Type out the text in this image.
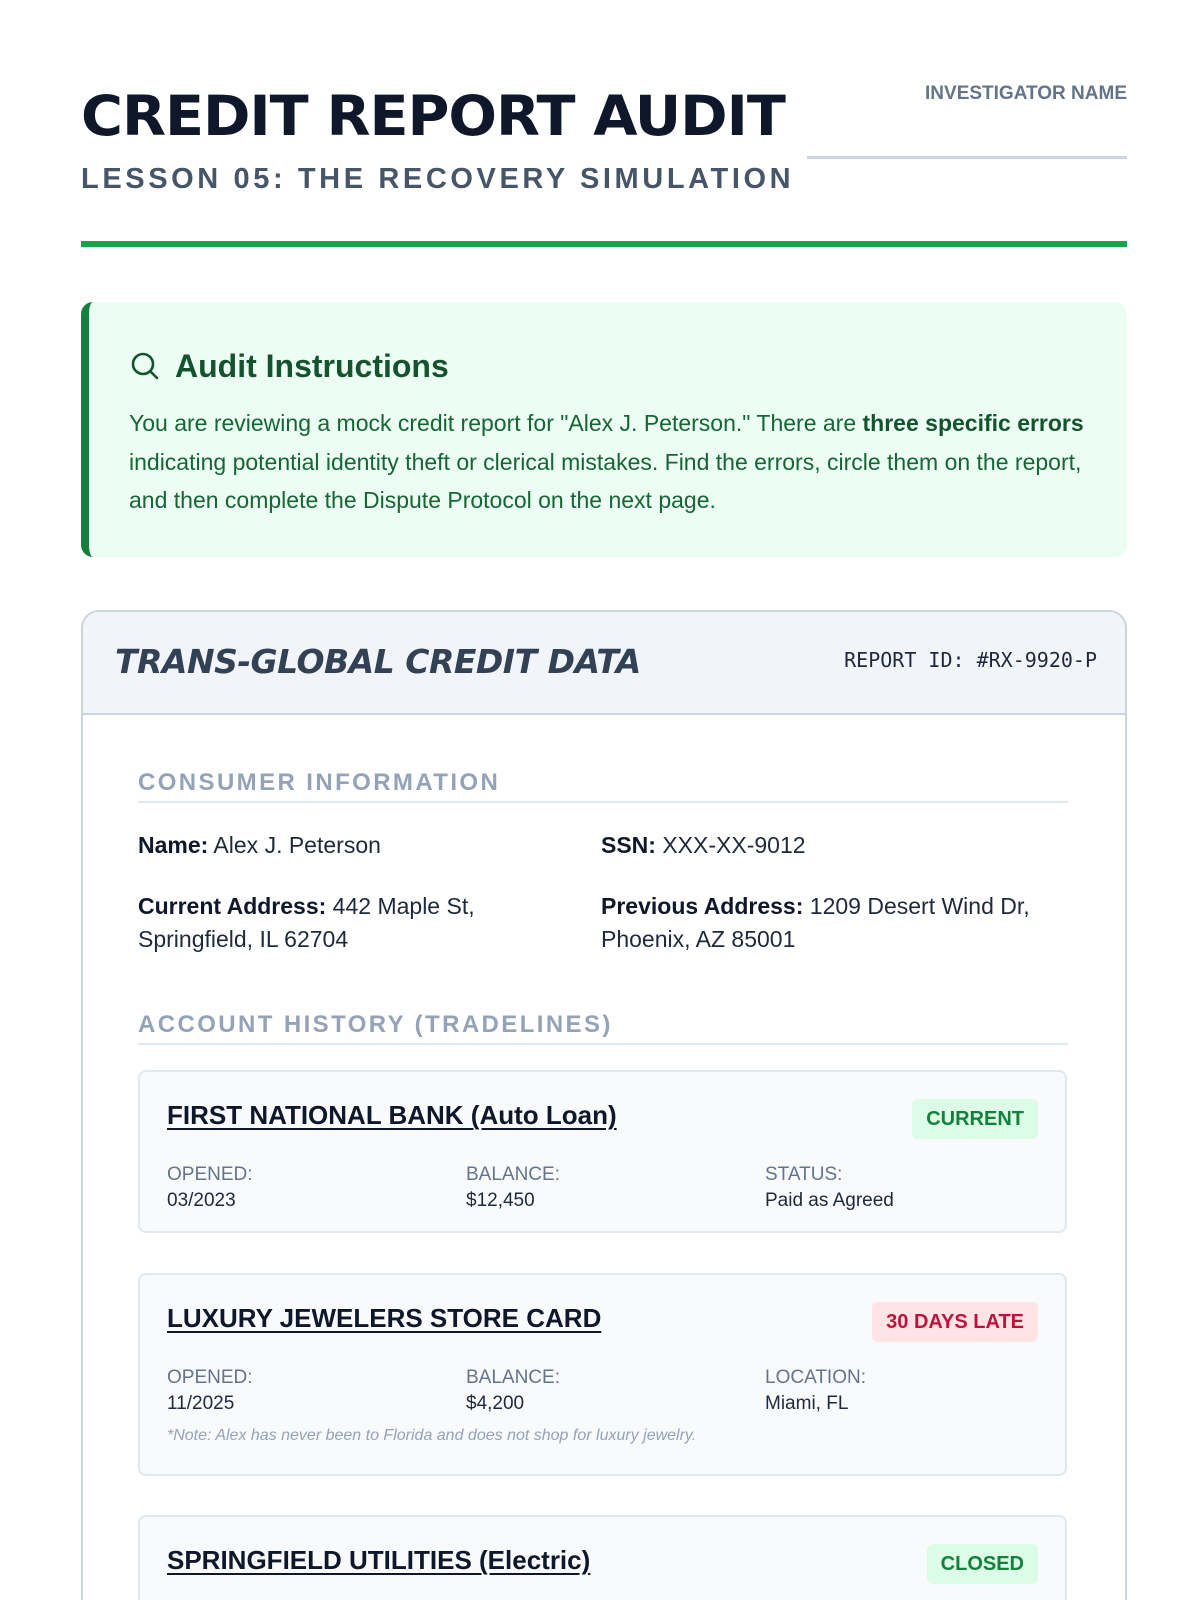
CREDIT REPORT AUDIT
LESSON 05: THE RECOVERY SIMULATION
INVESTIGATOR NAME
Audit Instructions

You are reviewing a mock credit report for "Alex J. Peterson." There are three specific errors indicating potential identity theft or clerical mistakes. Find the errors, circle them on the report, and then complete the Dispute Protocol on the next page.

TRANS-GLOBAL CREDIT DATA	REPORT ID: #RX-9920-P
CONSUMER INFORMATION
Name: Alex J. Peterson	SSN: XXX-XX-9012
Current Address: 442 Maple St, Springfield, IL 62704
Previous Address: 1209 Desert Wind Dr, Phoenix, AZ 85001
ACCOUNT HISTORY (TRADELINES)
FIRST NATIONAL BANK (Auto Loan)	CURRENT
OPENED:
03/2023
BALANCE:
$12,450
STATUS:
Paid as Agreed
LUXURY JEWELERS STORE CARD	30 DAYS LATE
OPENED:
11/2025
BALANCE:
$4,200
LOCATION:
Miami, FL
*Note: Alex has never been to Florida and does not shop for luxury jewelry.
SPRINGFIELD UTILITIES (Electric)	CLOSED
